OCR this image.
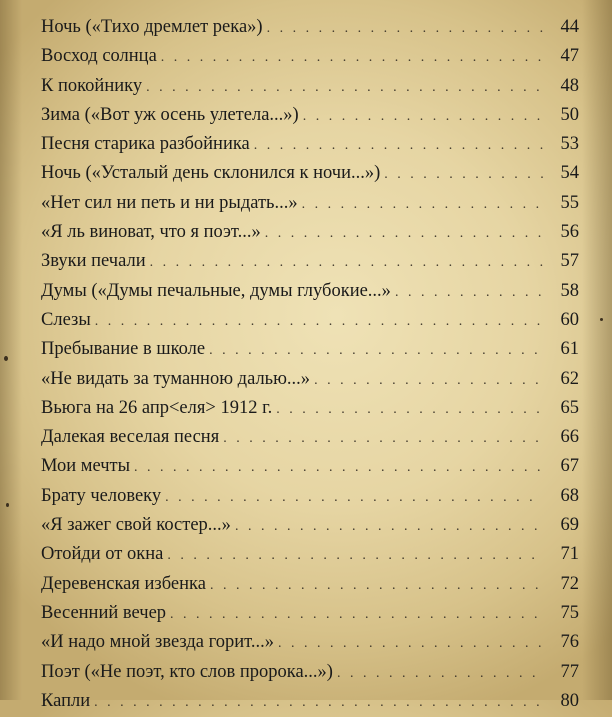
Ночь («Тихо дремлет река») . . .	44
Восход солнца . . .	47
К покойнику . . .	48
Зима («Вот уж осень улетела...») . . .	50
Песня старика разбойника . . .	53
Ночь («Усталый день склонился к ночи...») . . .	54
«Нет сил ни петь и ни рыдать...» . . .	55
«Я ль виноват, что я поэт...» . . .	56
Звуки печали . . .	57
Думы («Думы печальные, думы глубокие...» . . .	58
Слезы . . .	60
Пребывание в школе . . .	61
«Не видать за туманною далью...» . . .	62
Вьюга на 26 апр<еля> 1912 г. . . .	65
Далекая веселая песня . . .	66
Мои мечты . . .	67
Брату человеку . . .	68
«Я зажег свой костер...» . . .	69
Отойди от окна . . .	71
Деревенская избенка . . .	72
Весенний вечер . . .	75
«И надо мной звезда горит...» . . .	76
Поэт («Не поэт, кто слов пророка...») . . .	77
Капли . . .	80
